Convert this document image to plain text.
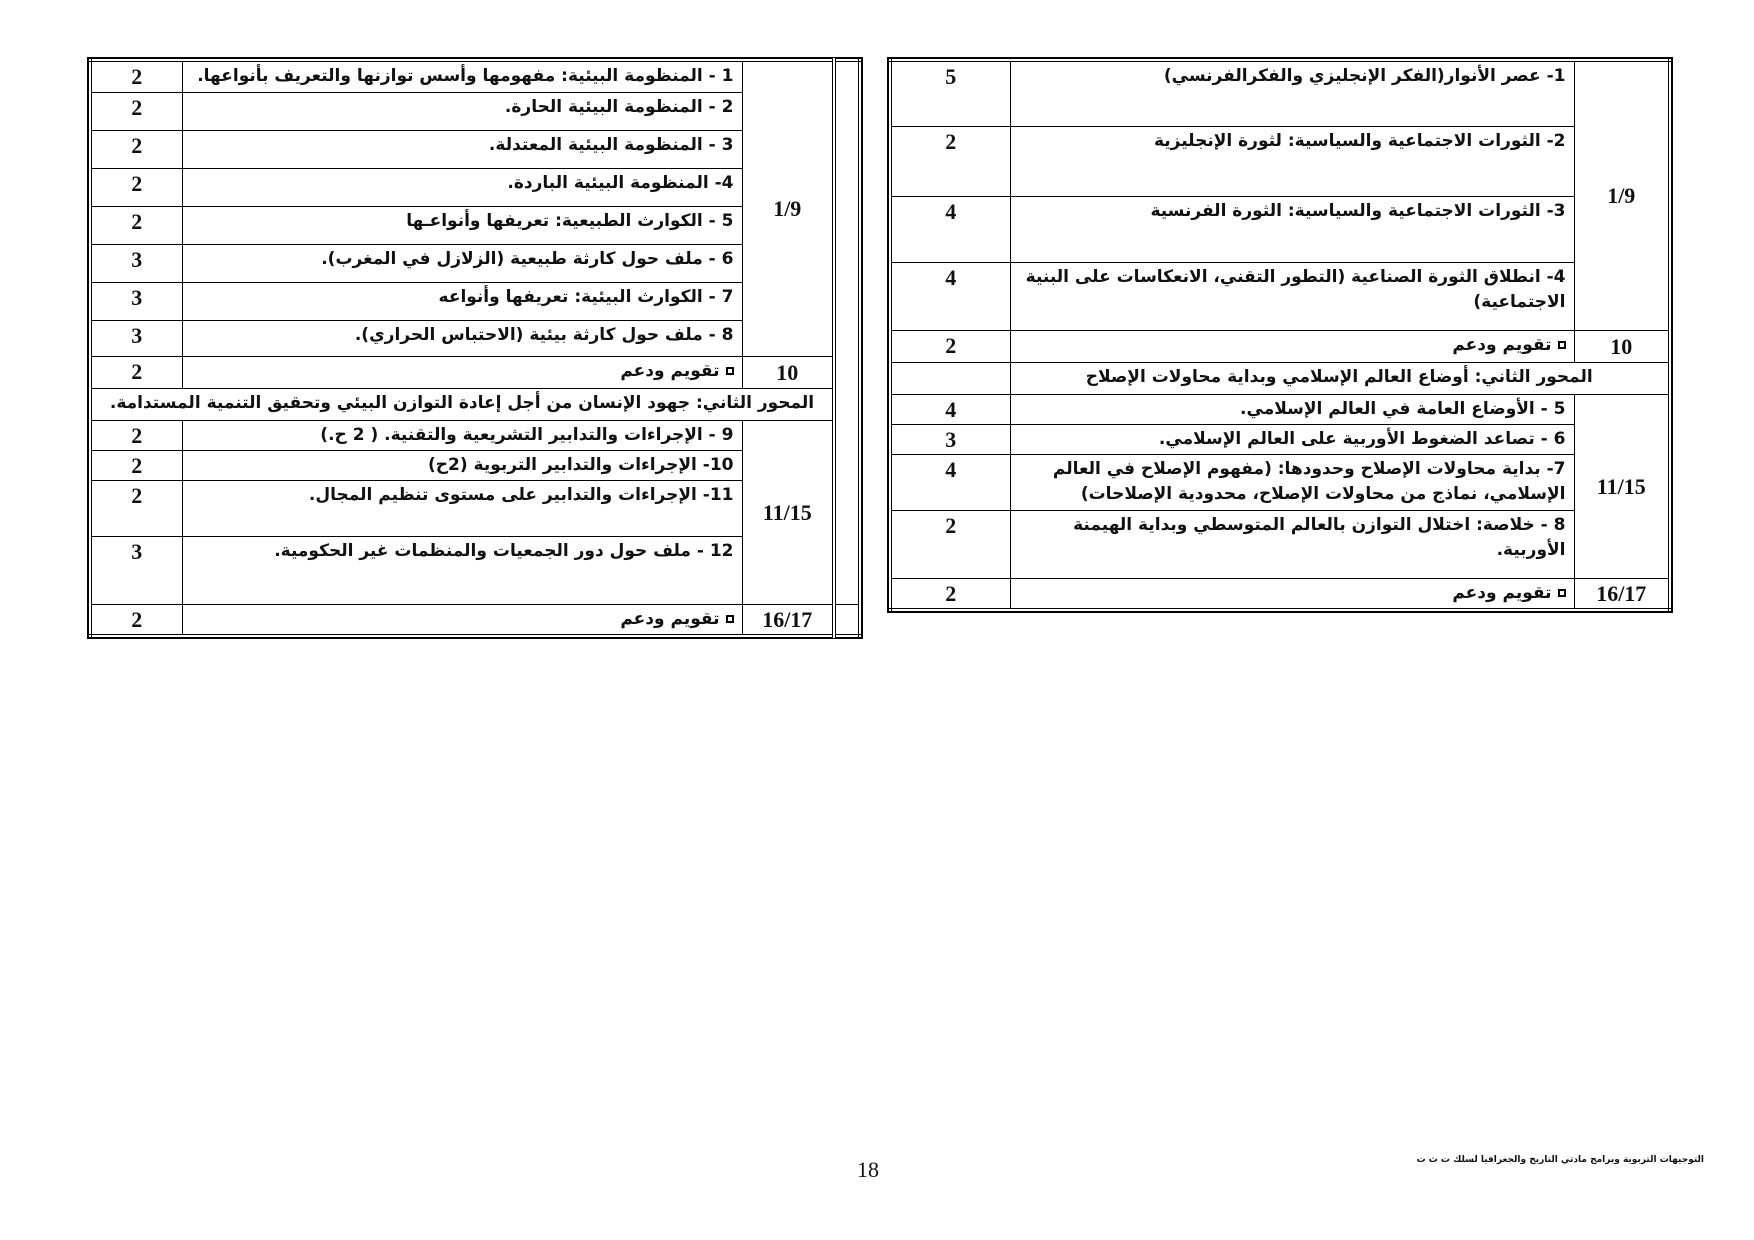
1/9	1- عصر الأنوار(الفكر الإنجليزي والفكرالفرنسي)	5
	2- الثورات الاجتماعية والسياسية: لثورة الإنجليزية	2
	3- الثورات الاجتماعية والسياسية: الثورة الفرنسية	4
	4- انطلاق الثورة الصناعية (التطور التقني، الانعكاسات على البنية الاجتماعية)	4
10	تقويم ودعم	2
المحور الثاني: أوضاع العالم الإسلامي وبداية محاولات الإصلاح		
11/15	5 - الأوضاع العامة في العالم الإسلامي.	4
	6 - تصاعد الضغوط الأوربية على العالم الإسلامي.	3
	7- بداية محاولات الإصلاح وحدودها: (مفهوم الإصلاح في العالم الإسلامي، نماذج من محاولات الإصلاح، محدودية الإصلاحات)	4
	8 - خلاصة: اختلال التوازن بالعالم المتوسطي وبداية الهيمنة الأوربية.	2
16/17	تقويم ودعم	2
	1/9	1 - المنظومة البيئية: مفهومها وأسس توازنها والتعريف بأنواعها.	2
		2 - المنظومة البيئية الحارة.	2
		3 - المنظومة البيئية المعتدلة.	2
		4- المنظومة البيئية الباردة.	2
		5 - الكوارث الطبيعية: تعريفها وأنواعـها	2
		6 - ملف حول كارثة طبيعية (الزلازل في المغرب).	3
		7 - الكوارث البيئية: تعريفها وأنواعه	3
		8 - ملف حول كارثة بيئية (الاحتباس الحراري).	3
	10	تقويم ودعم	2
	المحور الثاني: جهود الإنسان من أجل إعادة التوازن البيئي وتحقيق التنمية المستدامة.		
	11/15	9 - الإجراءات والتدابير التشريعية والتقنية. ( 2 ح.)	2
		10- الإجراءات والتدابير التربوية (2ح)	2
		11- الإجراءات والتدابير على مستوى تنظيم المجال.	2
		12 - ملف حول دور الجمعيات والمنظمات غير الحكومية.	3
	16/17	تقويم ودعم	2
18	التوجيهات التربوية وبرامج مادتي التاريخ والجغرافيا لسلك ت ث ت
